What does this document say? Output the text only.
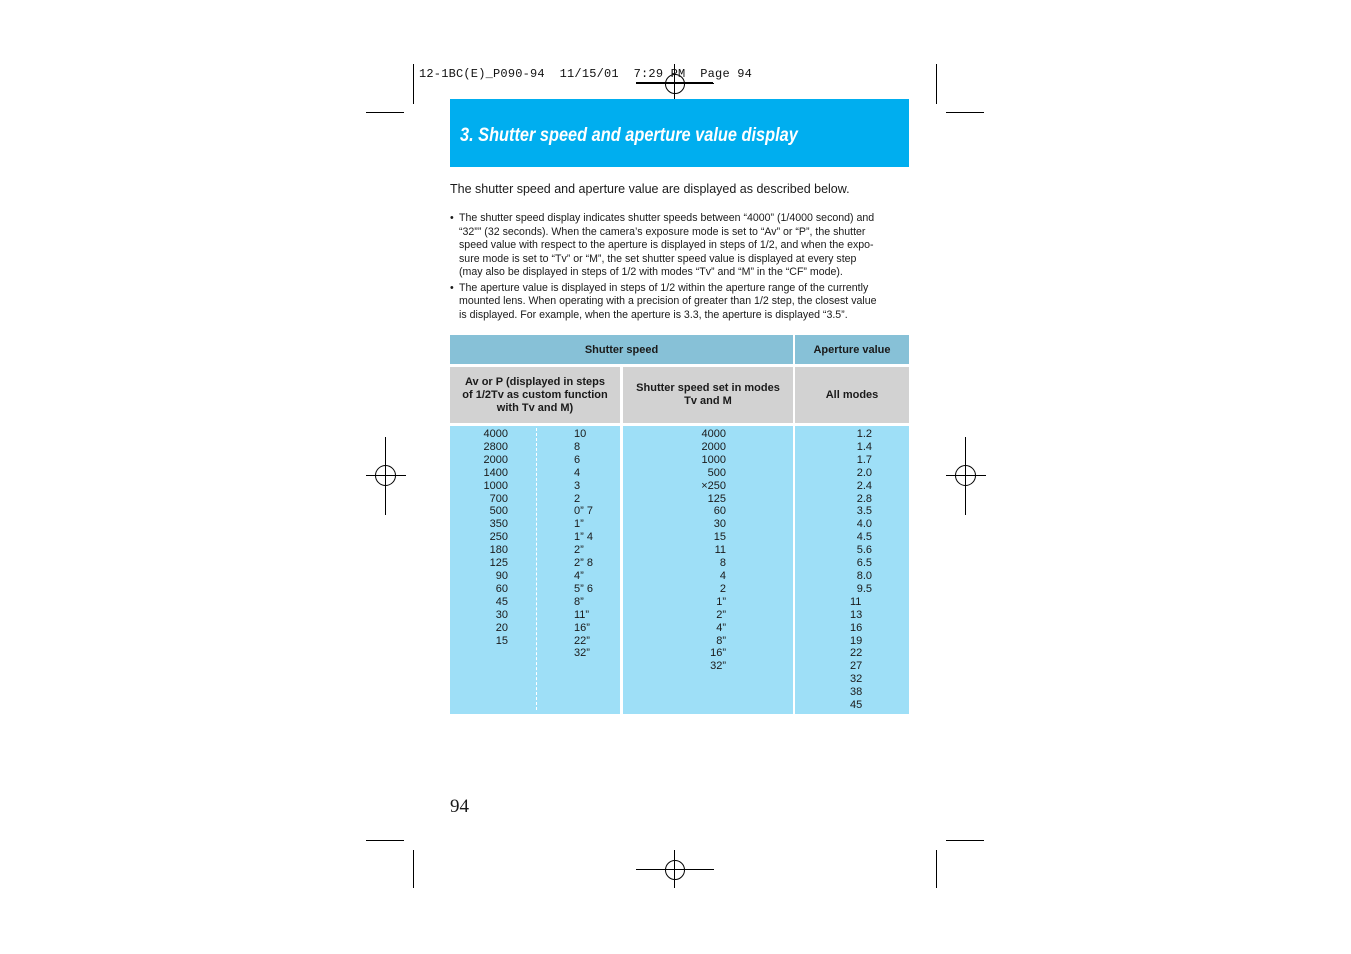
12-1BC(E)_P090-94  11/15/01  7:29 PM  Page 94
3. Shutter speed and aperture value display
The shutter speed and aperture value are displayed as described below.
• The shutter speed display indicates shutter speeds between “4000” (1/4000 second) and
“32”” (32 seconds). When the camera’s exposure mode is set to “Av” or “P”, the shutter
speed value with respect to the aperture is displayed in steps of 1/2, and when the expo-
sure mode is set to “Tv” or “M”, the set shutter speed value is displayed at every step
(may also be displayed in steps of 1/2 with modes “Tv” and “M” in the “CF” mode).
• The aperture value is displayed in steps of 1/2 within the aperture range of the currently
mounted lens. When operating with a precision of greater than 1/2 step, the closest value
is displayed. For example, when the aperture is 3.3, the aperture is displayed “3.5”.
Shutter speed	Aperture value
Av or P (displayed in steps
of 1/2Tv as custom function
with Tv and M)
Shutter speed set in modes
Tv and M
All modes
4000
2800
2000
1400
1000
700
500
350
250
180
125
90
60
45
30
20
15
10
8
6
4
3
2
0” 7
1”
1” 4
2”
2” 8
4”
5” 6
8”
11”
16”
22”
32”
4000
2000
1000
500
×250
125
60
30
15
11
8
4
2
1”
2”
4”
8”
16”
32”
1.2
1.4
1.7
2.0
2.4
2.8
3.5
4.0
4.5
5.6
6.5
8.0
9.5
11
13
16
19
22
27
32
38
45
94
